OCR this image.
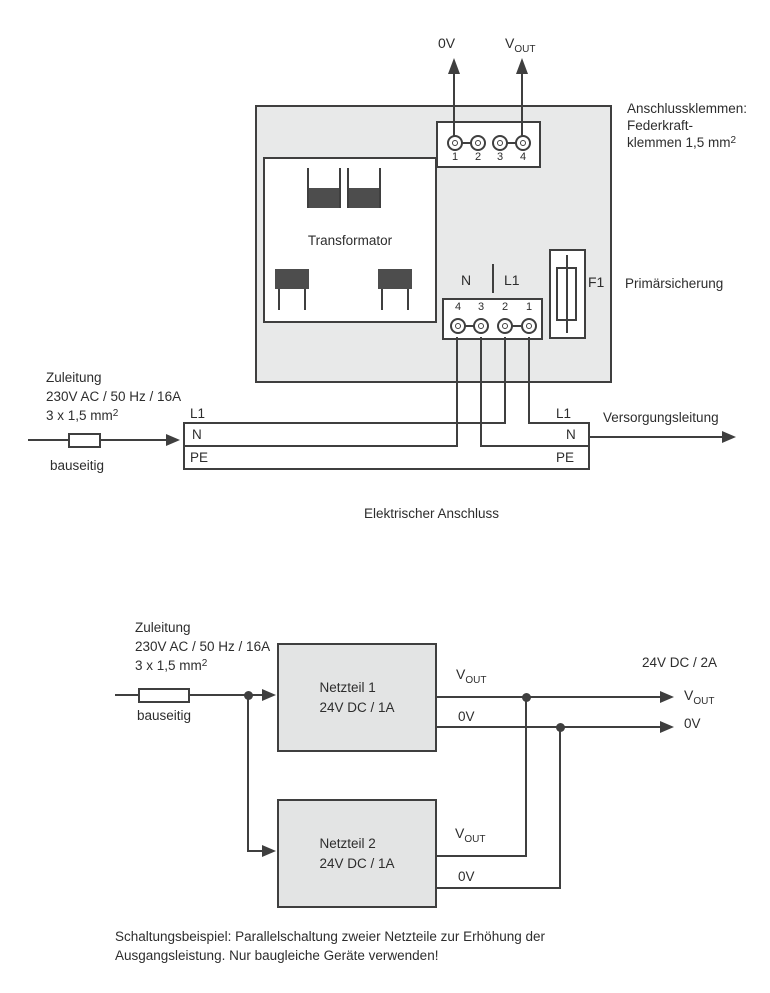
0V	$V_{OUT}$
1 2 3 4
Anschlussklemmen:
Federkraft-
klemmen 1,5 $mm^2$
Transformator
N L1
4 3 2 1
F1 Primärsicherung
L1
N
PE
L1
N
PE
Zuleitung
230V AC / 50 Hz / 16A
3 x 1,5 $mm^2$
bauseitig
Versorgungsleitung
Elektrischer Anschluss
Zuleitung
230V AC / 50 Hz / 16A
3 x 1,5 $mm^2$
bauseitig
Netzteil 1
24V DC / 1A
$V_{OUT}$
0V
24V DC / 2A
$V_{OUT}$
0V
Netzteil 2
24V DC / 1A
$V_{OUT}$
0V
Schaltungsbeispiel: Parallelschaltung zweier Netzteile zur Erhöhung der
Ausgangsleistung. Nur baugleiche Geräte verwenden!
